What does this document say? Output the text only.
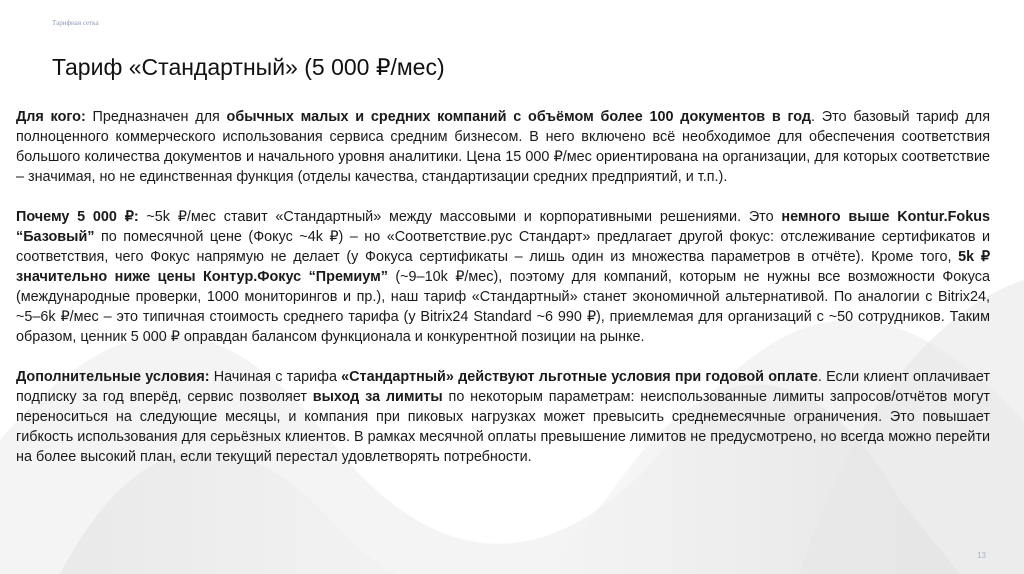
Тарифная сетка
Тариф «Стандартный» (5 000 ₽/мес)

Для кого: Предназначен для обычных малых и средних компаний с объёмом более 100 документов в год. Это базовый тариф для полноценного коммерческого использования сервиса средним бизнесом. В него включено всё необходимое для обеспечения соответствия большого количества документов и начального уровня аналитики. Цена 15 000 ₽/мес ориентирована на организации, для которых соответствие – значимая, но не единственная функция (отделы качества, стандартизации средних предприятий, и т.п.).

Почему 5 000 ₽: ~5k ₽/мес ставит «Стандартный» между массовыми и корпоративными решениями. Это немного выше Kontur.Fokus “Базовый” по помесячной цене (Фокус ~4k ₽) – но «Соответствие.рус Стандарт» предлагает другой фокус: отслеживание сертификатов и соответствия, чего Фокус напрямую не делает (у Фокуса сертификаты – лишь один из множества параметров в отчёте). Кроме того, 5k ₽ значительно ниже цены Контур.Фокус “Премиум” (~9–10k ₽/мес), поэтому для компаний, которым не нужны все возможности Фокуса (международные проверки, 1000 мониторингов и пр.), наш тариф «Стандартный» станет экономичной альтернативой. По аналогии с Bitrix24, ~5–6k ₽/мес – это типичная стоимость среднего тарифа (у Bitrix24 Standard ~6 990 ₽), приемлемая для организаций с ~50 сотрудников. Таким образом, ценник 5 000 ₽ оправдан балансом функционала и конкурентной позиции на рынке.

Дополнительные условия: Начиная с тарифа «Стандартный» действуют льготные условия при годовой оплате. Если клиент оплачивает подписку за год вперёд, сервис позволяет выход за лимиты по некоторым параметрам: неиспользованные лимиты запросов/отчётов могут переноситься на следующие месяцы, и компания при пиковых нагрузках может превысить среднемесячные ограничения. Это повышает гибкость использования для серьёзных клиентов. В рамках месячной оплаты превышение лимитов не предусмотрено, но всегда можно перейти на более высокий план, если текущий перестал удовлетворять потребности.

13
